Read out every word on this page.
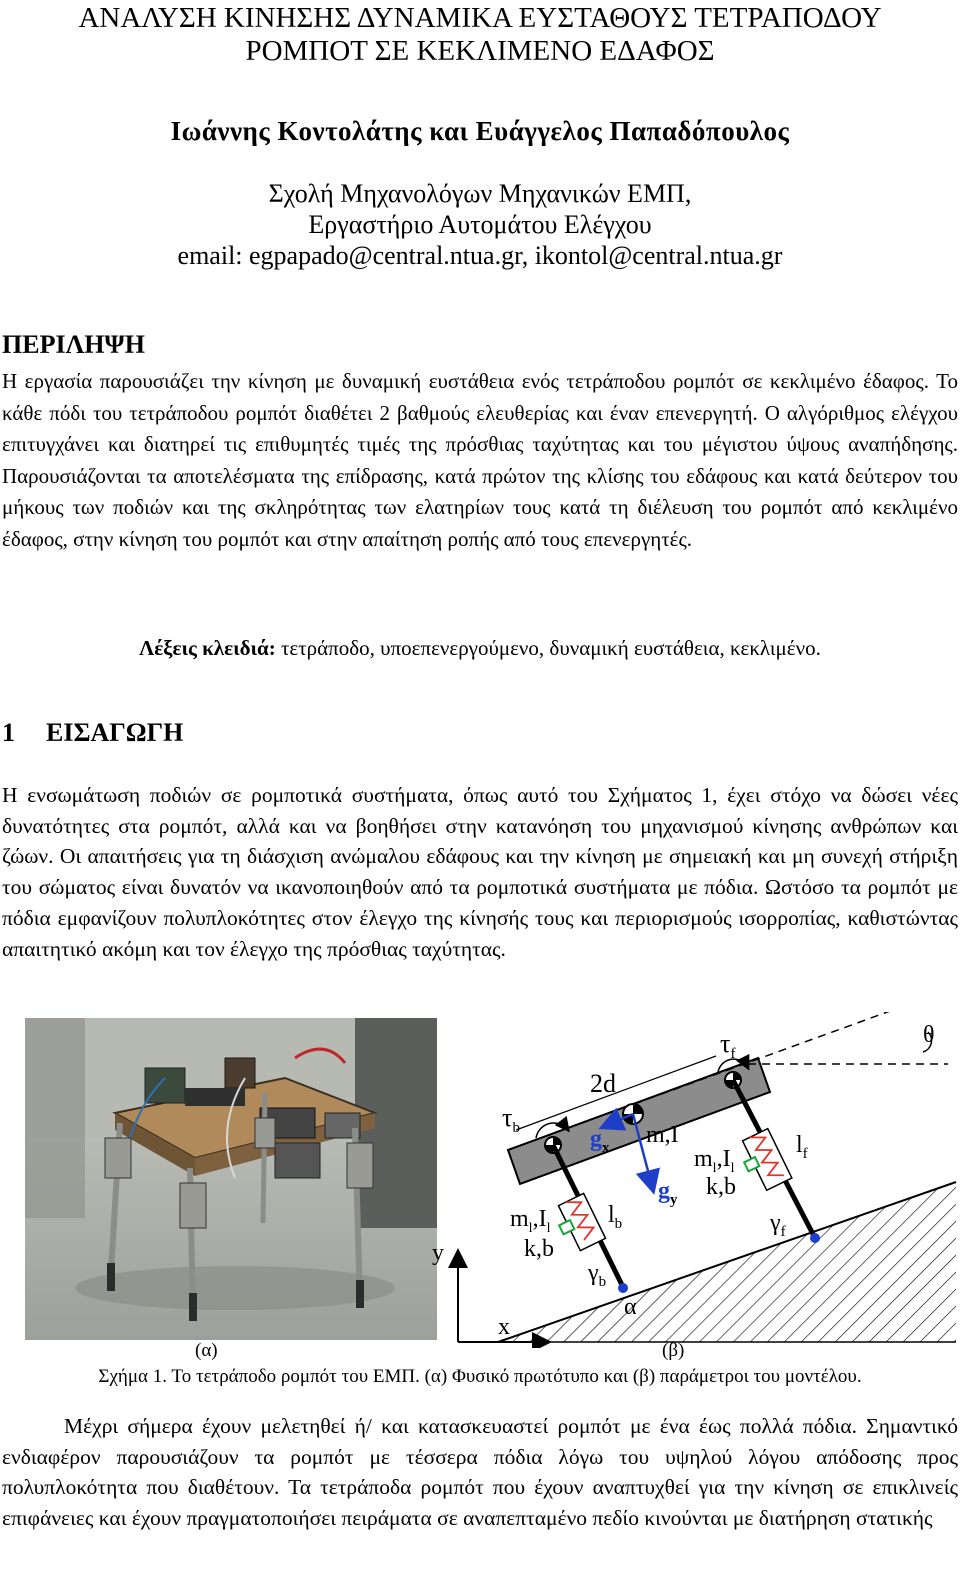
ΑΝΑΛΥΣΗ ΚΙΝΗΣΗΣ ΔΥΝΑΜΙΚΑ ΕΥΣΤΑΘΟΥΣ ΤΕΤΡΑΠΟΔΟΥ
ΡΟΜΠΟΤ ΣΕ ΚΕΚΛΙΜΕΝΟ ΕΔΑΦΟΣ
Ιωάννης Κοντολάτης και Ευάγγελος Παπαδόπουλος
Σχολή Μηχανολόγων Μηχανικών ΕΜΠ,
Εργαστήριο Αυτομάτου Ελέγχου
email: egpapado@central.ntua.gr, ikontol@central.ntua.gr
ΠΕΡΙΛΗΨΗ
Η εργασία παρουσιάζει την κίνηση με δυναμική ευστάθεια ενός τετράποδου ρομπότ σε κεκλιμένο έδαφος. Το κάθε πόδι του τετράποδου ρομπότ διαθέτει 2 βαθμούς ελευθερίας και έναν επενεργητή. Ο αλγόριθμος ελέγχου επιτυγχάνει και διατηρεί τις επιθυμητές τιμές της πρόσθιας ταχύτητας και του μέγιστου ύψους αναπήδησης. Παρουσιάζονται τα αποτελέσματα της επίδρασης, κατά πρώτον της κλίσης του εδάφους και κατά δεύτερον του μήκους των ποδιών και της σκληρότητας των ελατηρίων τους κατά τη διέλευση του ρομπότ από κεκλιμένο έδαφος, στην κίνηση του ρομπότ και στην απαίτηση ροπής από τους επενεργητές.
Λέξεις κλειδιά: τετράποδο, υποεπενεργούμενο, δυναμική ευστάθεια, κεκλιμένο.
1 ΕΙΣΑΓΩΓΗ
Η ενσωμάτωση ποδιών σε ρομποτικά συστήματα, όπως αυτό του Σχήματος 1, έχει στόχο να δώσει νέες δυνατότητες στα ρομπότ, αλλά και να βοηθήσει στην κατανόηση του μηχανισμού κίνησης ανθρώπων και ζώων. Οι απαιτήσεις για τη διάσχιση ανώμαλου εδάφους και την κίνηση με σημειακή και μη συνεχή στήριξη του σώματος είναι δυνατόν να ικανοποιηθούν από τα ρομποτικά συστήματα με πόδια. Ωστόσο τα ρομπότ με πόδια εμφανίζουν πολυπλοκότητες στον έλεγχο της κίνησής τους και περιορισμούς ισορροπίας, καθιστώντας απαιτητικό ακόμη και τον έλεγχο της πρόσθιας ταχύτητας.
θ
$\tau_f$
2d
$\tau_b$	$g_x$
$g_y$
m,I
$m_l,I_l$
$l_f$
k,b
$\gamma_f$
$m_l,I_l$
$l_b$
k,b
$\gamma_b$
y
x
α
(α)	(β)
Σχήμα 1. Το τετράποδο ρομπότ του ΕΜΠ. (α) Φυσικό πρωτότυπο και (β) παράμετροι του μοντέλου.
Μέχρι σήμερα έχουν μελετηθεί ή/ και κατασκευαστεί ρομπότ με ένα έως πολλά πόδια. Σημαντικό ενδιαφέρον παρουσιάζουν τα ρομπότ με τέσσερα πόδια λόγω του υψηλού λόγου απόδοσης προς πολυπλοκότητα που διαθέτουν. Τα τετράποδα ρομπότ που έχουν αναπτυχθεί για την κίνηση σε επικλινείς επιφάνειες και έχουν πραγματοποιήσει πειράματα σε αναπεπταμένο πεδίο κινούνται με διατήρηση στατικής
